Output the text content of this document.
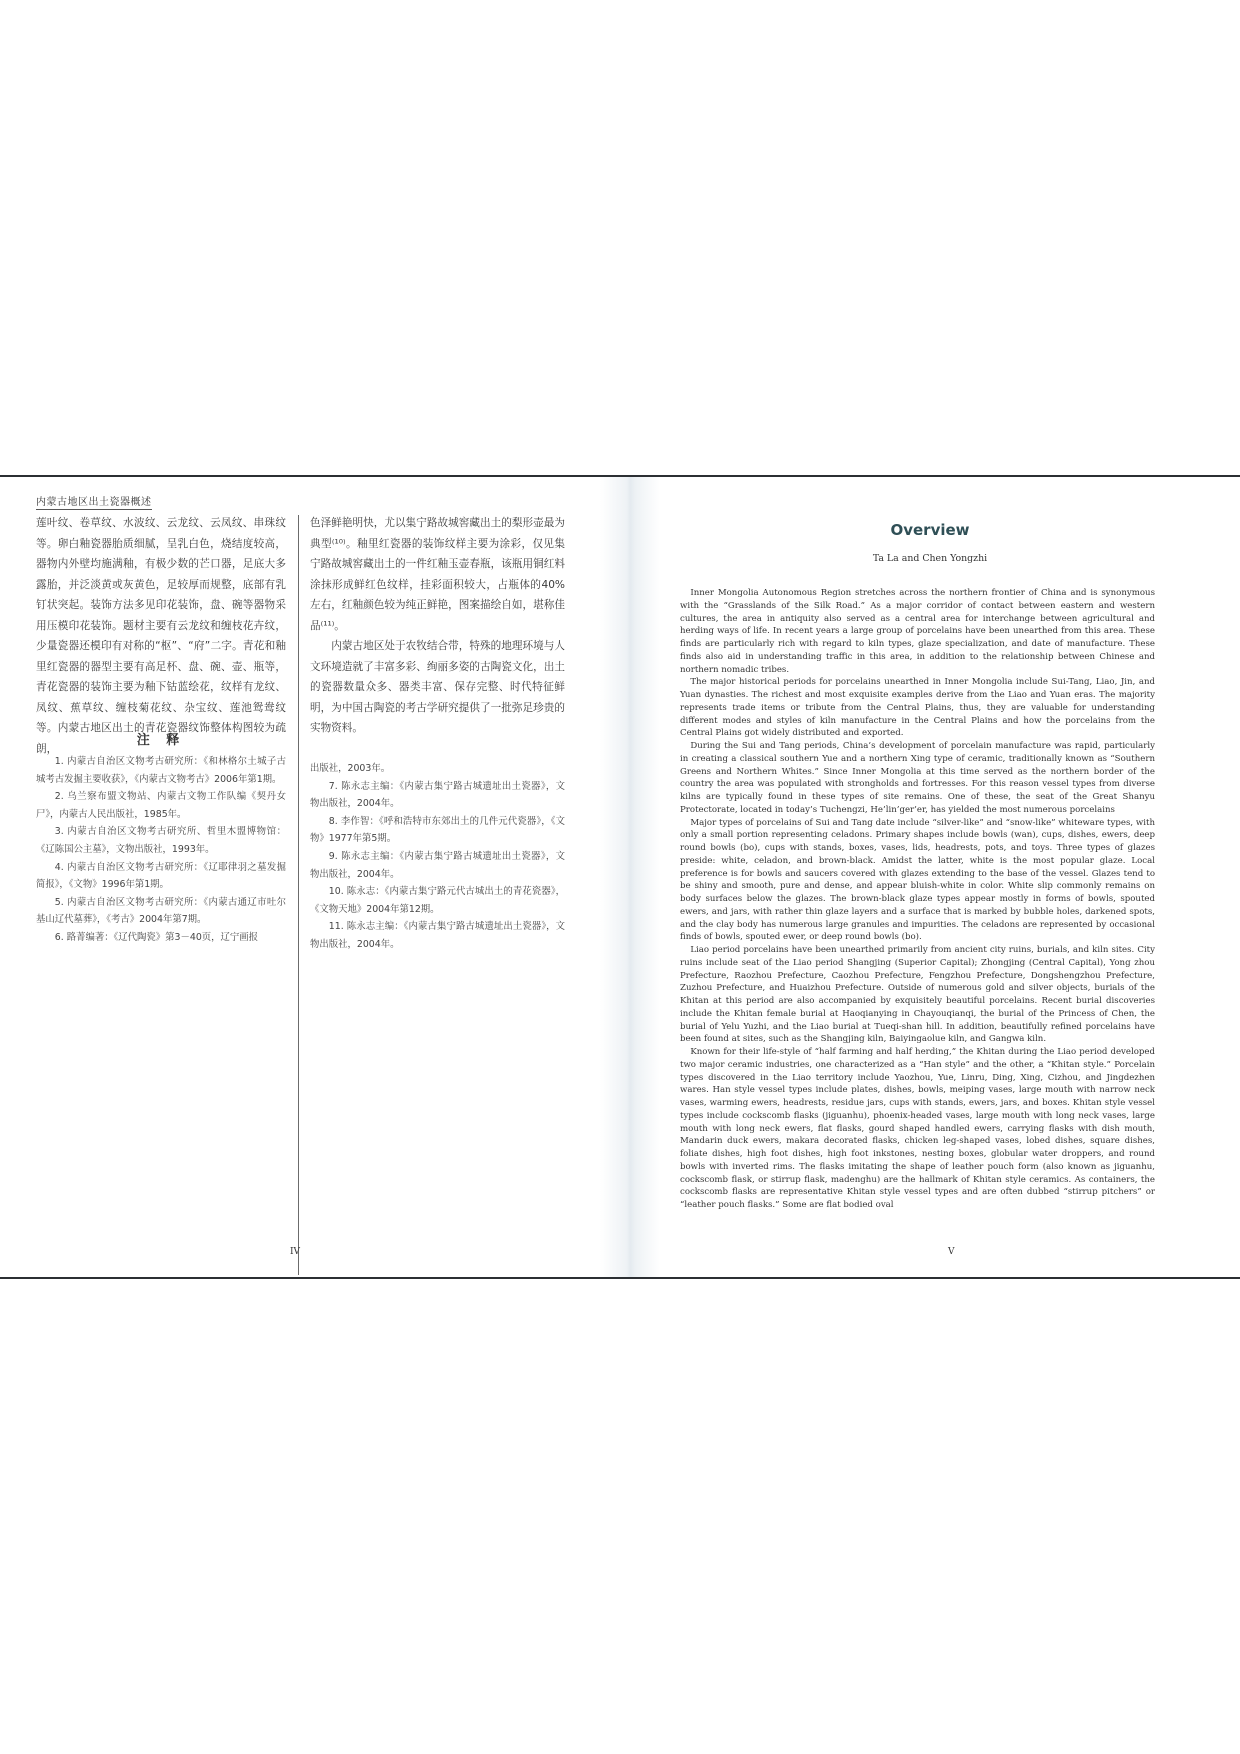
内蒙古地区出土瓷器概述

莲叶纹、卷草纹、水波纹、云龙纹、云凤纹、串珠纹等。卵白釉瓷器胎质细腻，呈乳白色，烧结度较高，器物内外壁均施满釉，有极少数的芒口器，足底大多露胎，并泛淡黄或灰黄色，足较厚而规整，底部有乳钉状突起。装饰方法多见印花装饰，盘、碗等器物采用压模印花装饰。题材主要有云龙纹和缠枝花卉纹，少量瓷器还模印有对称的“枢”、“府”二字。青花和釉里红瓷器的器型主要有高足杯、盘、碗、壶、瓶等，青花瓷器的装饰主要为釉下钴蓝绘花，纹样有龙纹、凤纹、蕉草纹、缠枝菊花纹、杂宝纹、莲池鸳鸯纹等。内蒙古地区出土的青花瓷器纹饰整体构图较为疏朗，

色泽鲜艳明快，尤以集宁路故城窖藏出土的梨形壶最为典型⁽¹⁰⁾。釉里红瓷器的装饰纹样主要为涂彩，仅见集宁路故城窖藏出土的一件红釉玉壶春瓶，该瓶用铜红料涂抹形成鲜红色纹样，挂彩面积较大，占瓶体的40%左右，红釉颜色较为纯正鲜艳，图案描绘自如，堪称佳品⁽¹¹⁾。

内蒙古地区处于农牧结合带，特殊的地理环境与人文环境造就了丰富多彩、绚丽多姿的古陶瓷文化，出土的瓷器数量众多、器类丰富、保存完整、时代特征鲜明，为中国古陶瓷的考古学研究提供了一批弥足珍贵的实物资料。

注 释

1. 内蒙古自治区文物考古研究所：《和林格尔土城子古城考古发掘主要收获》，《内蒙古文物考古》2006年第1期。

2. 乌兰察布盟文物站、内蒙古文物工作队编《契丹女尸》，内蒙古人民出版社，1985年。

3. 内蒙古自治区文物考古研究所、哲里木盟博物馆：《辽陈国公主墓》，文物出版社，1993年。

4. 内蒙古自治区文物考古研究所：《辽耶律羽之墓发掘简报》，《文物》1996年第1期。

5. 内蒙古自治区文物考古研究所：《内蒙古通辽市吐尔基山辽代墓葬》，《考古》2004年第7期。

6. 路菁编著：《辽代陶瓷》第3－40页，辽宁画报

出版社，2003年。

7. 陈永志主编：《内蒙古集宁路古城遗址出土瓷器》，文物出版社，2004年。

8. 李作智：《呼和浩特市东郊出土的几件元代瓷器》，《文物》1977年第5期。

9. 陈永志主编：《内蒙古集宁路古城遗址出土瓷器》，文物出版社，2004年。

10. 陈永志：《内蒙古集宁路元代古城出土的青花瓷器》，《文物天地》2004年第12期。

11. 陈永志主编：《内蒙古集宁路古城遗址出土瓷器》，文物出版社，2004年。

IV
Overview
Ta La and Chen Yongzhi

Inner Mongolia Autonomous Region stretches across the northern frontier of China and is synonymous with the “Grasslands of the Silk Road.” As a major corridor of contact between eastern and western cultures, the area in antiquity also served as a central area for interchange between agricultural and herding ways of life. In recent years a large group of porcelains have been unearthed from this area. These finds are particularly rich with regard to kiln types, glaze specialization, and date of manufacture. These finds also aid in understanding traffic in this area, in addition to the relationship between Chinese and northern nomadic tribes.

The major historical periods for porcelains unearthed in Inner Mongolia include Sui-Tang, Liao, Jin, and Yuan dynasties. The richest and most exquisite examples derive from the Liao and Yuan eras. The majority represents trade items or tribute from the Central Plains, thus, they are valuable for understanding different modes and styles of kiln manufacture in the Central Plains and how the porcelains from the Central Plains got widely distributed and exported.

During the Sui and Tang periods, China’s development of porcelain manufacture was rapid, particularly in creating a classical southern Yue and a northern Xing type of ceramic, traditionally known as “Southern Greens and Northern Whites.” Since Inner Mongolia at this time served as the northern border of the country the area was populated with strongholds and fortresses. For this reason vessel types from diverse kilns are typically found in these types of site remains. One of these, the seat of the Great Shanyu Protectorate, located in today’s Tuchengzi, He’lin’ger’er, has yielded the most numerous porcelains

Major types of porcelains of Sui and Tang date include “silver-like” and “snow-like” whiteware types, with only a small portion representing celadons. Primary shapes include bowls (wan), cups, dishes, ewers, deep round bowls (bo), cups with stands, boxes, vases, lids, headrests, pots, and toys. Three types of glazes preside: white, celadon, and brown-black. Amidst the latter, white is the most popular glaze. Local preference is for bowls and saucers covered with glazes extending to the base of the vessel. Glazes tend to be shiny and smooth, pure and dense, and appear bluish-white in color. White slip commonly remains on body surfaces below the glazes. The brown-black glaze types appear mostly in forms of bowls, spouted ewers, and jars, with rather thin glaze layers and a surface that is marked by bubble holes, darkened spots, and the clay body has numerous large granules and impurities. The celadons are represented by occasional finds of bowls, spouted ewer, or deep round bowls (bo).

Liao period porcelains have been unearthed primarily from ancient city ruins, burials, and kiln sites. City ruins include seat of the Liao period Shangjing (Superior Capital); Zhongjing (Central Capital), Yong zhou Prefecture, Raozhou Prefecture, Caozhou Prefecture, Fengzhou Prefecture, Dongshengzhou Prefecture, Zuzhou Prefecture, and Huaizhou Prefecture. Outside of numerous gold and silver objects, burials of the Khitan at this period are also accompanied by exquisitely beautiful porcelains. Recent burial discoveries include the Khitan female burial at Haoqianying in Chayouqianqi, the burial of the Princess of Chen, the burial of Yelu Yuzhi, and the Liao burial at Tueqi-shan hill. In addition, beautifully refined porcelains have been found at sites, such as the Shangjing kiln, Baiyingaolue kiln, and Gangwa kiln.

Known for their life-style of “half farming and half herding,” the Khitan during the Liao period developed two major ceramic industries, one characterized as a “Han style” and the other, a “Khitan style.” Porcelain types discovered in the Liao territory include Yaozhou, Yue, Linru, Ding, Xing, Cizhou, and Jingdezhen wares. Han style vessel types include plates, dishes, bowls, meiping vases, large mouth with narrow neck vases, warming ewers, headrests, residue jars, cups with stands, ewers, jars, and boxes. Khitan style vessel types include cockscomb flasks (jiguanhu), phoenix-headed vases, large mouth with long neck vases, large mouth with long neck ewers, flat flasks, gourd shaped handled ewers, carrying flasks with dish mouth, Mandarin duck ewers, makara decorated flasks, chicken leg-shaped vases, lobed dishes, square dishes, foliate dishes, high foot dishes, high foot inkstones, nesting boxes, globular water droppers, and round bowls with inverted rims. The flasks imitating the shape of leather pouch form (also known as jiguanhu, cockscomb flask, or stirrup flask, madenghu) are the hallmark of Khitan style ceramics. As containers, the cockscomb flasks are representative Khitan style vessel types and are often dubbed “stirrup pitchers” or “leather pouch flasks.” Some are flat bodied oval

V
